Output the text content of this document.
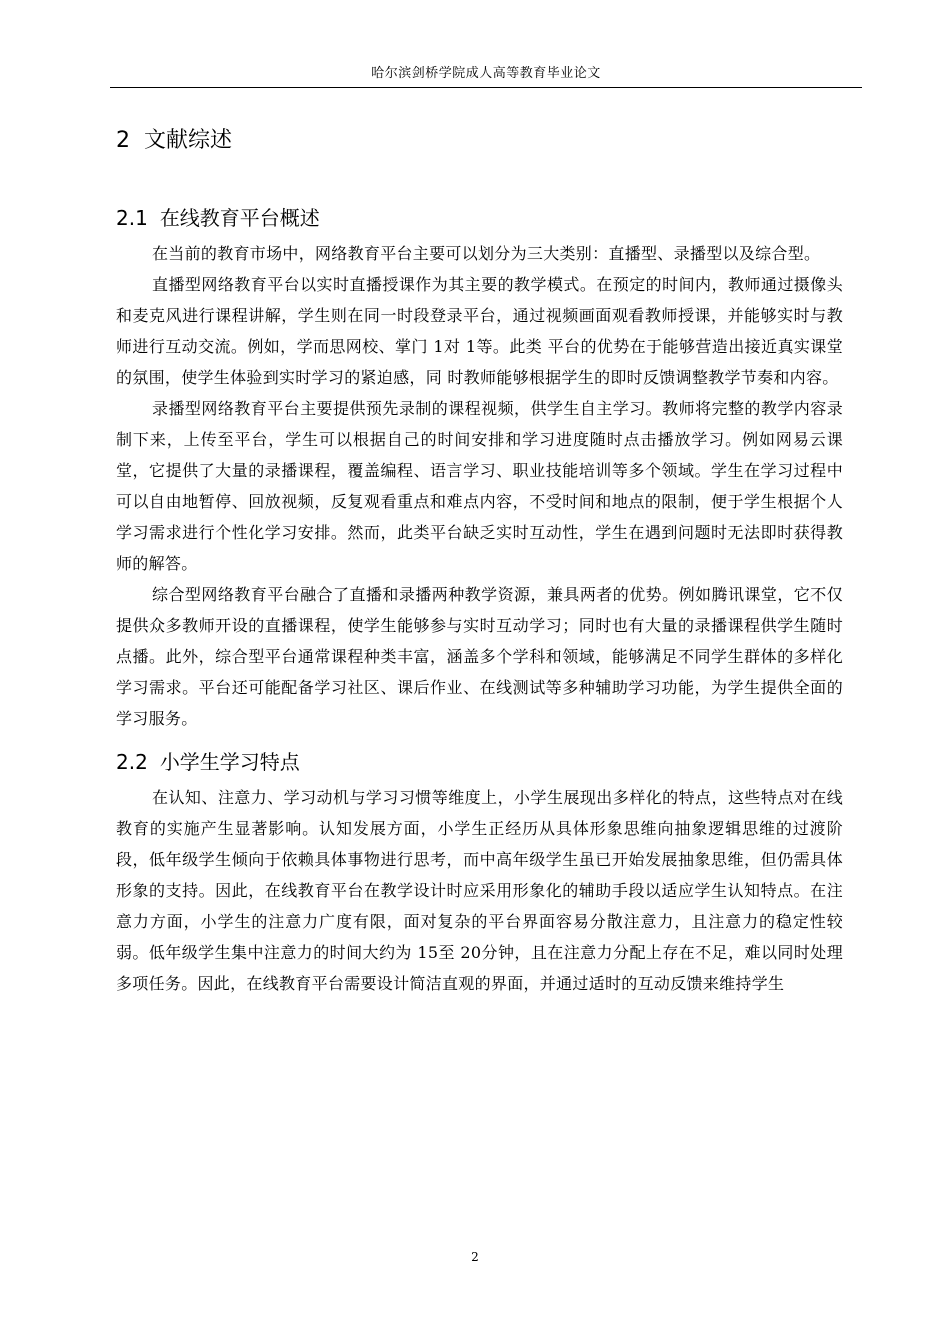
哈尔滨剑桥学院成人高等教育毕业论文
2 文献综述
2.1 在线教育平台概述

在当前的教育市场中，网络教育平台主要可以划分为三大类别：直播型、录播型以及综合型。

直播型网络教育平台以实时直播授课作为其主要的教学模式。在预定的时间内，教师通过摄像头和麦克风进行课程讲解，学生则在同一时段登录平台，通过视频画面观看教师授课，并能够实时与教师进行互动交流。例如，学而思网校、掌门 1对 1等。此类 平台的优势在于能够营造出接近真实课堂的氛围，使学生体验到实时学习的紧迫感，同 时教师能够根据学生的即时反馈调整教学节奏和内容。

录播型网络教育平台主要提供预先录制的课程视频，供学生自主学习。教师将完整的教学内容录制下来，上传至平台，学生可以根据自己的时间安排和学习进度随时点击播放学习。例如网易云课堂，它提供了大量的录播课程，覆盖编程、语言学习、职业技能培训等多个领域。学生在学习过程中可以自由地暂停、回放视频，反复观看重点和难点内容，不受时间和地点的限制，便于学生根据个人学习需求进行个性化学习安排。然而，此类平台缺乏实时互动性，学生在遇到问题时无法即时获得教师的解答。

综合型网络教育平台融合了直播和录播两种教学资源，兼具两者的优势。例如腾讯课堂，它不仅提供众多教师开设的直播课程，使学生能够参与实时互动学习；同时也有大量的录播课程供学生随时点播。此外，综合型平台通常课程种类丰富，涵盖多个学科和领域，能够满足不同学生群体的多样化学习需求。平台还可能配备学习社区、课后作业、在线测试等多种辅助学习功能，为学生提供全面的学习服务。

2.2 小学生学习特点

在认知、注意力、学习动机与学习习惯等维度上，小学生展现出多样化的特点，这些特点对在线教育的实施产生显著影响。认知发展方面，小学生正经历从具体形象思维向抽象逻辑思维的过渡阶段，低年级学生倾向于依赖具体事物进行思考，而中高年级学生虽已开始发展抽象思维，但仍需具体形象的支持。因此，在线教育平台在教学设计时应采用形象化的辅助手段以适应学生认知特点。在注意力方面，小学生的注意力广度有限，面对复杂的平台界面容易分散注意力，且注意力的稳定性较弱。低年级学生集中注意力的时间大约为 15至 20分钟，且在注意力分配上存在不足，难以同时处理多项任务。因此，在线教育平台需要设计简洁直观的界面，并通过适时的互动反馈来维持学生

2
